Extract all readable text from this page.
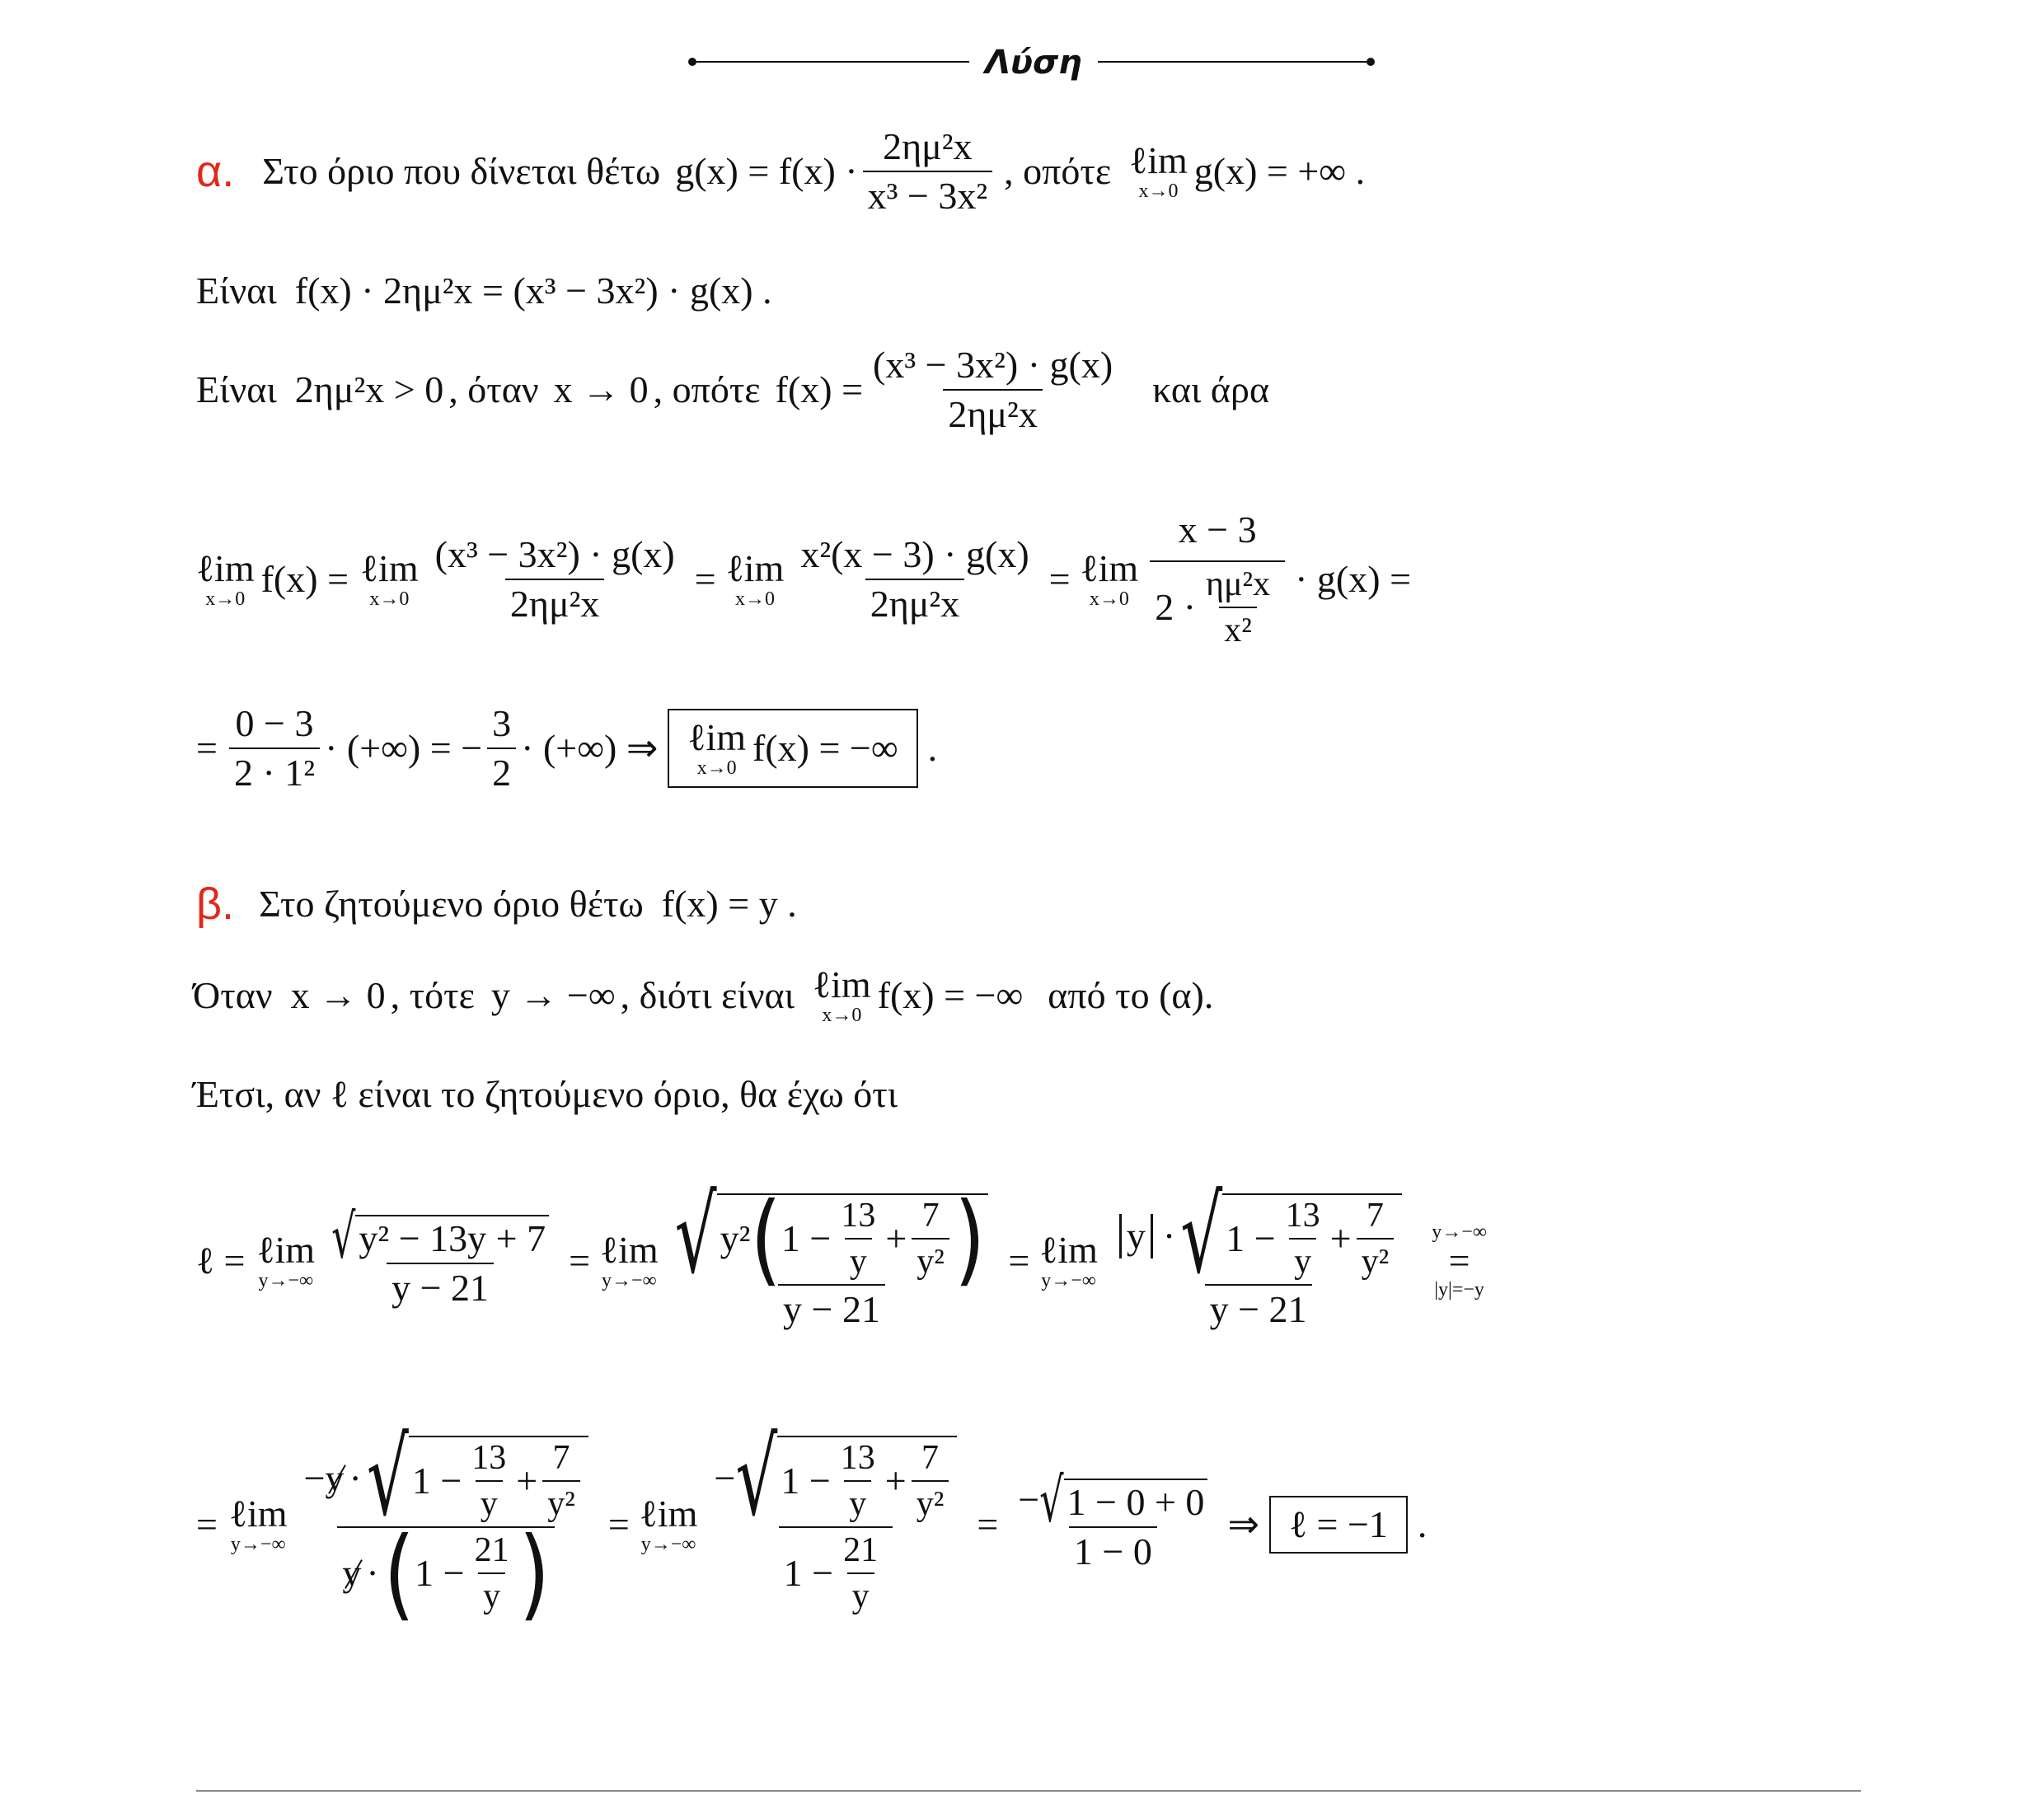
Λύση
α. Στο όριο που δίνεται θέτω $g(x) = f(x) \cdot \frac{\text{2ημ²x}}{\text{x³ − 3x²}}$ , οπότε ℓim
x→0 g(x) = +∞ .
Είναι f(x) · 2ημ²x = (x³ − 3x²) · g(x) .
Είναι 2ημ²x > 0 , όταν x → 0 , οπότε $f(x) = \frac{\text{(x³ − 3x²) · g(x)}}{\text{2ημ²x}}$ και άρα
ℓim
x→0 f(x) = ℓim
$x\to 0 \frac{\text{(x³ − 3x²) · g(x)}}{\text{2ημ²x}}$ = ℓim
$x\to 0 \frac{\text{x²(x − 3) · g(x)}}{\text{2ημ²x}}$ = ℓim
$x\to 0 \frac{x - 3}{2 \cdot \frac{\text{ημ²x}}{\text{x²}}} \cdot g(x)$ =
= $\frac{0 - 3}{\text{2 · 1²}}$ · (+∞) = − $\frac{3}{2}$ · (+∞) ⇒ ℓim
x→0 f(x) = −∞ .
β. Στο ζητούμενο όριο θέτω f(x) = y .
Όταν x → 0 , τότε y → −∞ , διότι είναι ℓim
x→0 f(x) = −∞ από το (α).
Έτσι, αν ℓ είναι το ζητούμενο όριο, θα έχω ότι
ℓ = ℓim
$y\to-\infty \frac{\text{√ y² − 13y + 7}}{y - 21}$ = ℓim
y→−∞ √ y² ( $1 - \frac{13}{y} + \frac{7}{\text{y²}}$ )
y − 21
= ℓim
y→−∞
y · √ $1 - \frac{13}{y} + \frac{7}{\text{y²}}$
y − 21
y→−∞
=
|y|=−y
= ℓim
y→−∞
− y · √ $1 - \frac{13}{y} + \frac{7}{\text{y²}}$
y · ( $1 - \frac{21}{y}$ ) = ℓim
y→−∞
− √ $1 - \frac{13}{y} + \frac{7}{\text{y²}}$
$1 - \frac{21}{y}$
= $\frac{- √ 1 - 0 + 0}{1 - 0}$ ⇒ ℓ = −1 .
